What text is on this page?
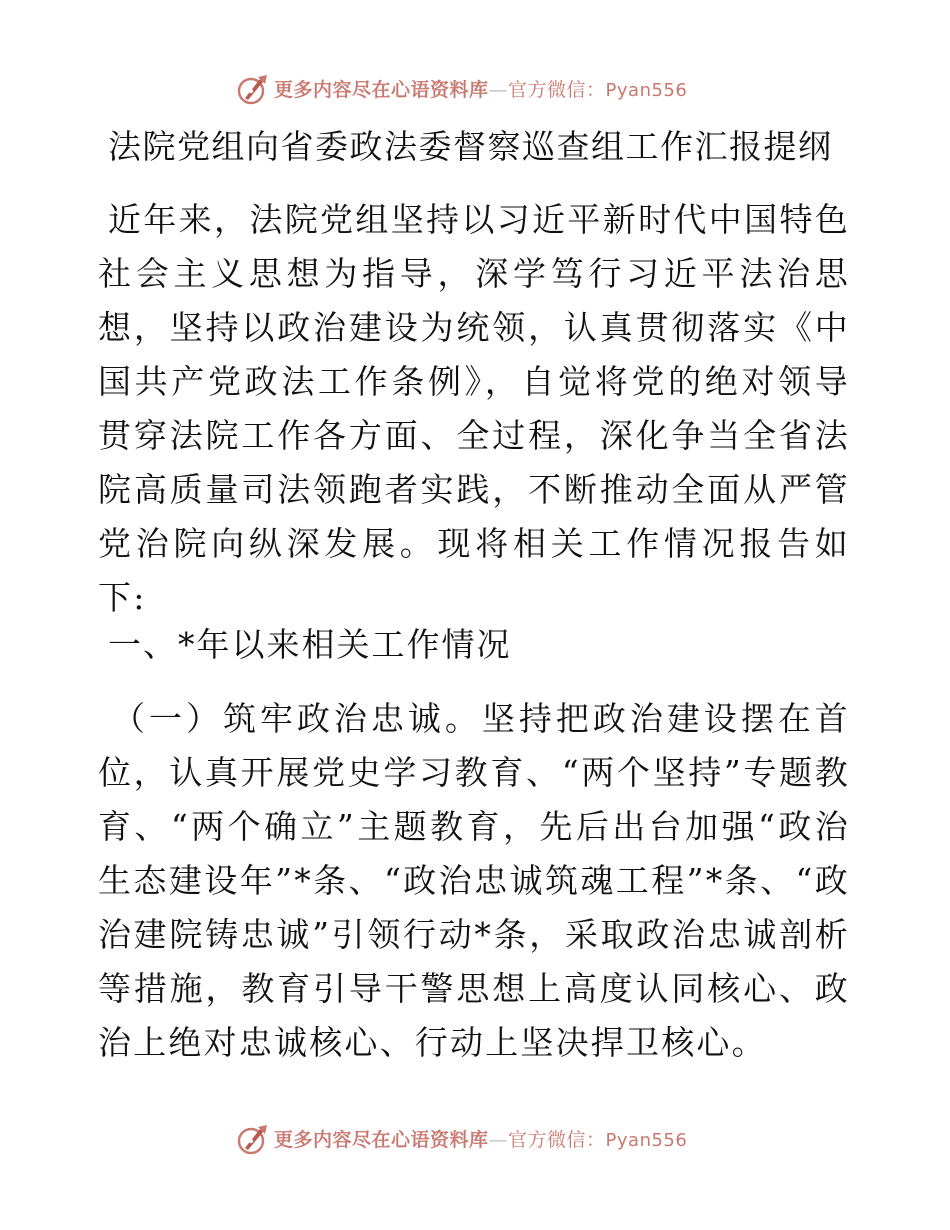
更多内容尽在心语资料库—官方微信：Pyan556
法院党组向省委政法委督察巡查组工作汇报提纲

近年来，法院党组坚持以习近平新时代中国特色社会主义思想为指导，深学笃行习近平法治思想，坚持以政治建设为统领，认真贯彻落实《中国共产党政法工作条例》，自觉将党的绝对领导贯穿法院工作各方面、全过程，深化争当全省法院高质量司法领跑者实践，不断推动全面从严管党治院向纵深发展。现将相关工作情况报告如下:

一、*年以来相关工作情况

（一）筑牢政治忠诚。坚持把政治建设摆在首位，认真开展党史学习教育、“两个坚持”专题教育、“两个确立”主题教育，先后出台加强“政治生态建设年”*条、“政治忠诚筑魂工程”*条、“政治建院铸忠诚”引领行动*条，采取政治忠诚剖析等措施，教育引导干警思想上高度认同核心、政治上绝对忠诚核心、行动上坚决捍卫核心。

更多内容尽在心语资料库—官方微信：Pyan556
